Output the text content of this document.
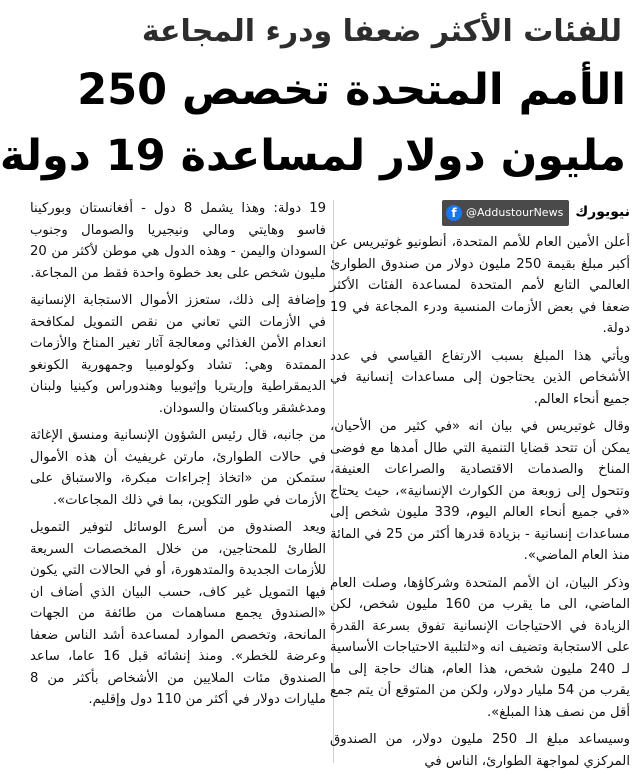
للفئات الأكثر ضعفا ودرء المجاعة
الأمم المتحدة تخصص 250
مليون دولار لمساعدة 19 دولة
نيويورك
f @AddustourNews

أعلن الأمين العام للأمم المتحدة، أنطونيو غوتيريس عن أكبر مبلغ بقيمة 250 مليون دولار من صندوق الطوارئ العالمي التابع لأمم المتحدة لمساعدة الفئات الأكثر ضعفا في بعض الأزمات المنسية ودرء المجاعة في 19 دولة.

ويأتي هذا المبلغ بسبب الارتفاع القياسي في عدد الأشخاص الذين يحتاجون إلى مساعدات إنسانية في جميع أنحاء العالم.

وقال غوتيريس في بيان انه «في كثير من الأحيان، يمكن أن تتحد قضايا التنمية التي طال أمدها مع فوضى المناخ والصدمات الاقتصادية والصراعات العنيفة، وتتحول إلى زوبعة من الكوارث الإنسانية»، حيث يحتاج «في جميع أنحاء العالم اليوم، 339 مليون شخص إلى مساعدات إنسانية - بزيادة قدرها أكثر من 25 في المائة منذ العام الماضي».

وذكر البيان، ان الأمم المتحدة وشركاؤها، وصلت العام الماضي، الى ما يقرب من 160 مليون شخص، لكن الزيادة في الاحتياجات الإنسانية تفوق بسرعة القدرة على الاستجابة وتضيف انه و«لتلبية الاحتياجات الأساسية لـ 240 مليون شخص، هذا العام، هناك حاجة إلى ما يقرب من 54 مليار دولار، ولكن من المتوقع أن يتم جمع أقل من نصف هذا المبلغ».

وسيساعد مبلغ الـ 250 مليون دولار، من الصندوق المركزي لمواجهة الطوارئ، الناس في

19 دولة: وهذا يشمل 8 دول - أفغانستان وبوركينا فاسو وهايتي ومالي ونيجيريا والصومال وجنوب السودان واليمن - وهذه الدول هي موطن لأكثر من 20 مليون شخص على بعد خطوة واحدة فقط من المجاعة.

وإضافة إلى ذلك، ستعزز الأموال الاستجابة الإنسانية في الأزمات التي تعاني من نقص التمويل لمكافحة انعدام الأمن الغذائي ومعالجة آثار تغير المناخ والأزمات الممتدة وهي: تشاد وكولومبيا وجمهورية الكونغو الديمقراطية وإريتريا وإثيوبيا وهندوراس وكينيا ولبنان ومدغشقر وباكستان والسودان.

من جانبه، قال رئيس الشؤون الإنسانية ومنسق الإغاثة في حالات الطوارئ، مارتن غريفيث أن هذه الأموال ستمكن من «اتخاذ إجراءات مبكرة، والاستباق على الأزمات في طور التكوين، بما في ذلك المجاعات».

ويعد الصندوق من أسرع الوسائل لتوفير التمويل الطارئ للمحتاجين، من خلال المخصصات السريعة للأزمات الجديدة والمتدهورة، أو في الحالات التي يكون فيها التمويل غير كاف، حسب البيان الذي أضاف ان «الصندوق يجمع مساهمات من طائفة من الجهات المانحة، وتخصص الموارد لمساعدة أشد الناس ضعفا وعرضة للخطر». ومنذ إنشائه قبل 16 عاما، ساعد الصندوق مئات الملايين من الأشخاص بأكثر من 8 مليارات دولار في أكثر من 110 دول وإقليم.
